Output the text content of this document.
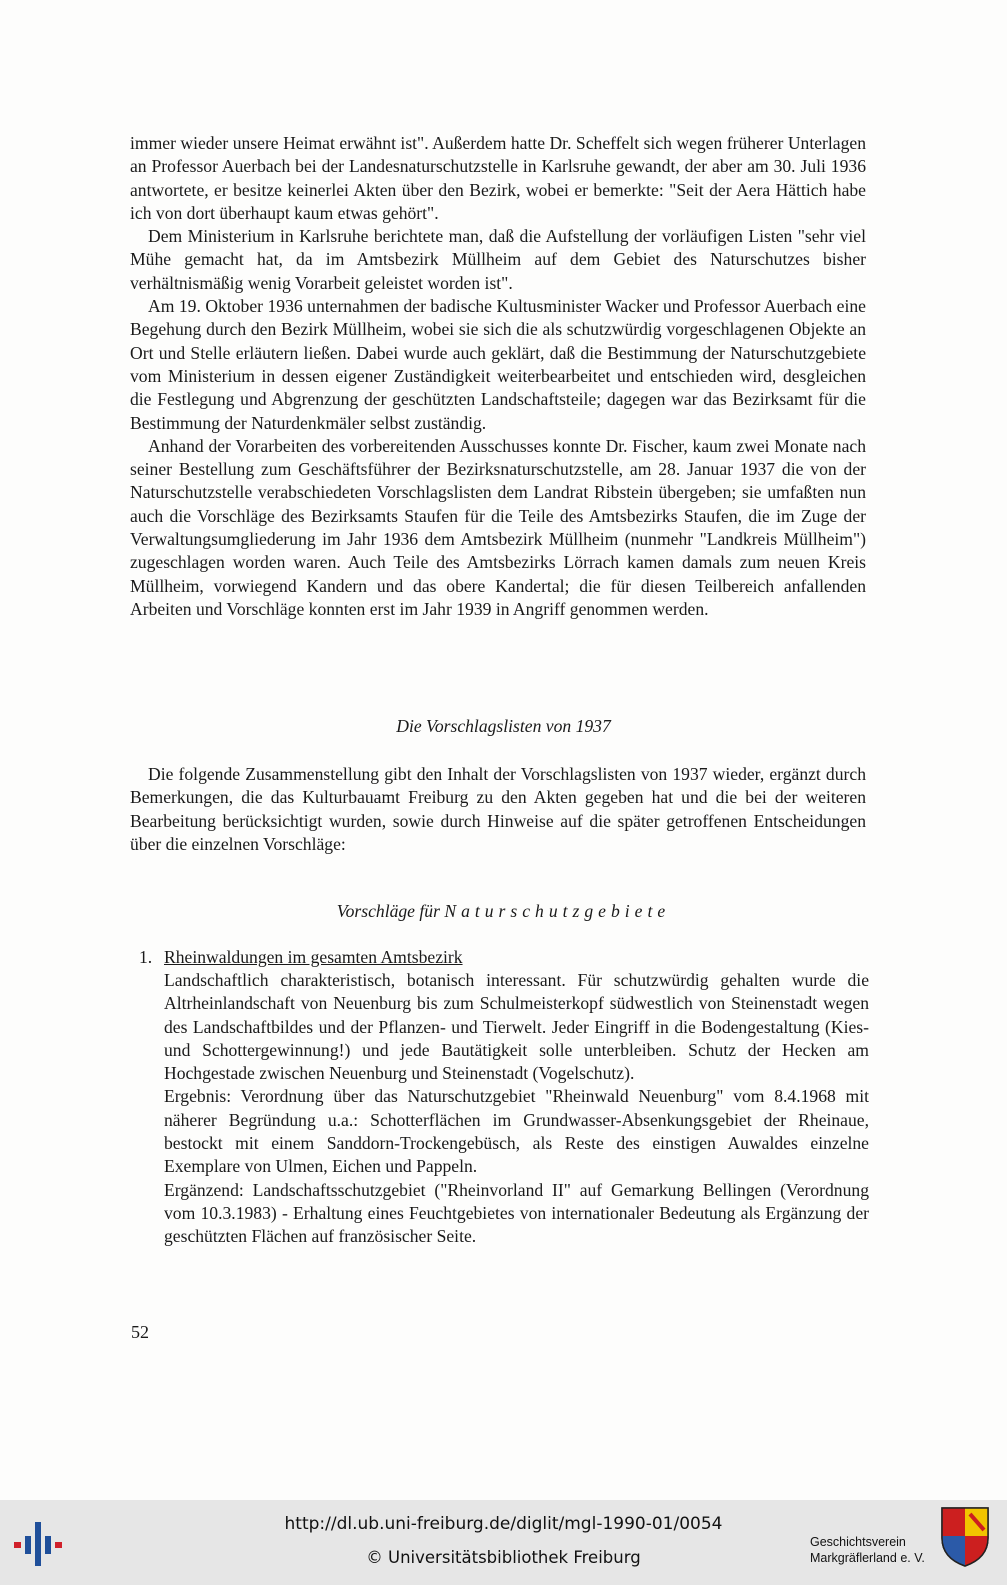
immer wieder unsere Heimat erwähnt ist". Außerdem hatte Dr. Scheffelt sich wegen früherer Unterlagen an Professor Auerbach bei der Landesnaturschutzstelle in Karlsruhe gewandt, der aber am 30. Juli 1936 antwortete, er besitze keinerlei Akten über den Bezirk, wobei er bemerkte: "Seit der Aera Hättich habe ich von dort überhaupt kaum etwas gehört".

Dem Ministerium in Karlsruhe berichtete man, daß die Aufstellung der vorläufigen Listen "sehr viel Mühe gemacht hat, da im Amtsbezirk Müllheim auf dem Gebiet des Naturschutzes bisher verhältnismäßig wenig Vorarbeit geleistet worden ist".

Am 19. Oktober 1936 unternahmen der badische Kultusminister Wacker und Professor Auerbach eine Begehung durch den Bezirk Müllheim, wobei sie sich die als schutzwürdig vorgeschlagenen Objekte an Ort und Stelle erläutern ließen. Dabei wurde auch geklärt, daß die Bestimmung der Naturschutzgebiete vom Ministerium in dessen eigener Zuständigkeit weiterbearbeitet und entschieden wird, desgleichen die Festlegung und Abgrenzung der geschützten Landschaftsteile; dagegen war das Bezirksamt für die Bestimmung der Naturdenkmäler selbst zuständig.

Anhand der Vorarbeiten des vorbereitenden Ausschusses konnte Dr. Fischer, kaum zwei Monate nach seiner Bestellung zum Geschäftsführer der Bezirksnaturschutzstelle, am 28. Januar 1937 die von der Naturschutzstelle verabschiedeten Vorschlagslisten dem Landrat Ribstein übergeben; sie umfaßten nun auch die Vorschläge des Bezirksamts Staufen für die Teile des Amtsbezirks Staufen, die im Zuge der Verwaltungsumgliederung im Jahr 1936 dem Amtsbezirk Müllheim (nunmehr "Landkreis Müllheim") zugeschlagen worden waren. Auch Teile des Amtsbezirks Lörrach kamen damals zum neuen Kreis Müllheim, vorwiegend Kandern und das obere Kandertal; die für diesen Teilbereich anfallenden Arbeiten und Vorschläge konnten erst im Jahr 1939 in Angriff genommen werden.

Die Vorschlagslisten von 1937

Die folgende Zusammenstellung gibt den Inhalt der Vorschlagslisten von 1937 wieder, ergänzt durch Bemerkungen, die das Kulturbauamt Freiburg zu den Akten gegeben hat und die bei der weiteren Bearbeitung berücksichtigt wurden, sowie durch Hinweise auf die später getroffenen Entscheidungen über die einzelnen Vorschläge:

Vorschläge für Naturschutzgebiete
1. Rheinwaldungen im gesamten Amtsbezirk

Landschaftlich charakteristisch, botanisch interessant. Für schutzwürdig gehalten wurde die Altrheinlandschaft von Neuenburg bis zum Schulmeisterkopf südwestlich von Steinenstadt wegen des Landschaftbildes und der Pflanzen- und Tierwelt. Jeder Eingriff in die Bodengestaltung (Kies- und Schottergewinnung!) und jede Bautätigkeit solle unterbleiben. Schutz der Hecken am Hochgestade zwischen Neuenburg und Steinenstadt (Vogelschutz).

Ergebnis: Verordnung über das Naturschutzgebiet "Rheinwald Neuenburg" vom 8.4.1968 mit näherer Begründung u.a.: Schotterflächen im Grundwasser-Absenkungsgebiet der Rheinaue, bestockt mit einem Sanddorn-Trockengebüsch, als Reste des einstigen Auwaldes einzelne Exemplare von Ulmen, Eichen und Pappeln.

Ergänzend: Landschaftsschutzgebiet ("Rheinvorland II" auf Gemarkung Bellingen (Verordnung vom 10.3.1983) - Erhaltung eines Feuchtgebietes von internationaler Bedeutung als Ergänzung der geschützten Flächen auf französischer Seite.

52
http://dl.ub.uni-freiburg.de/diglit/mgl-1990-01/0054
© Universitätsbibliothek Freiburg
Geschichtsverein
Markgräflerland e. V.
